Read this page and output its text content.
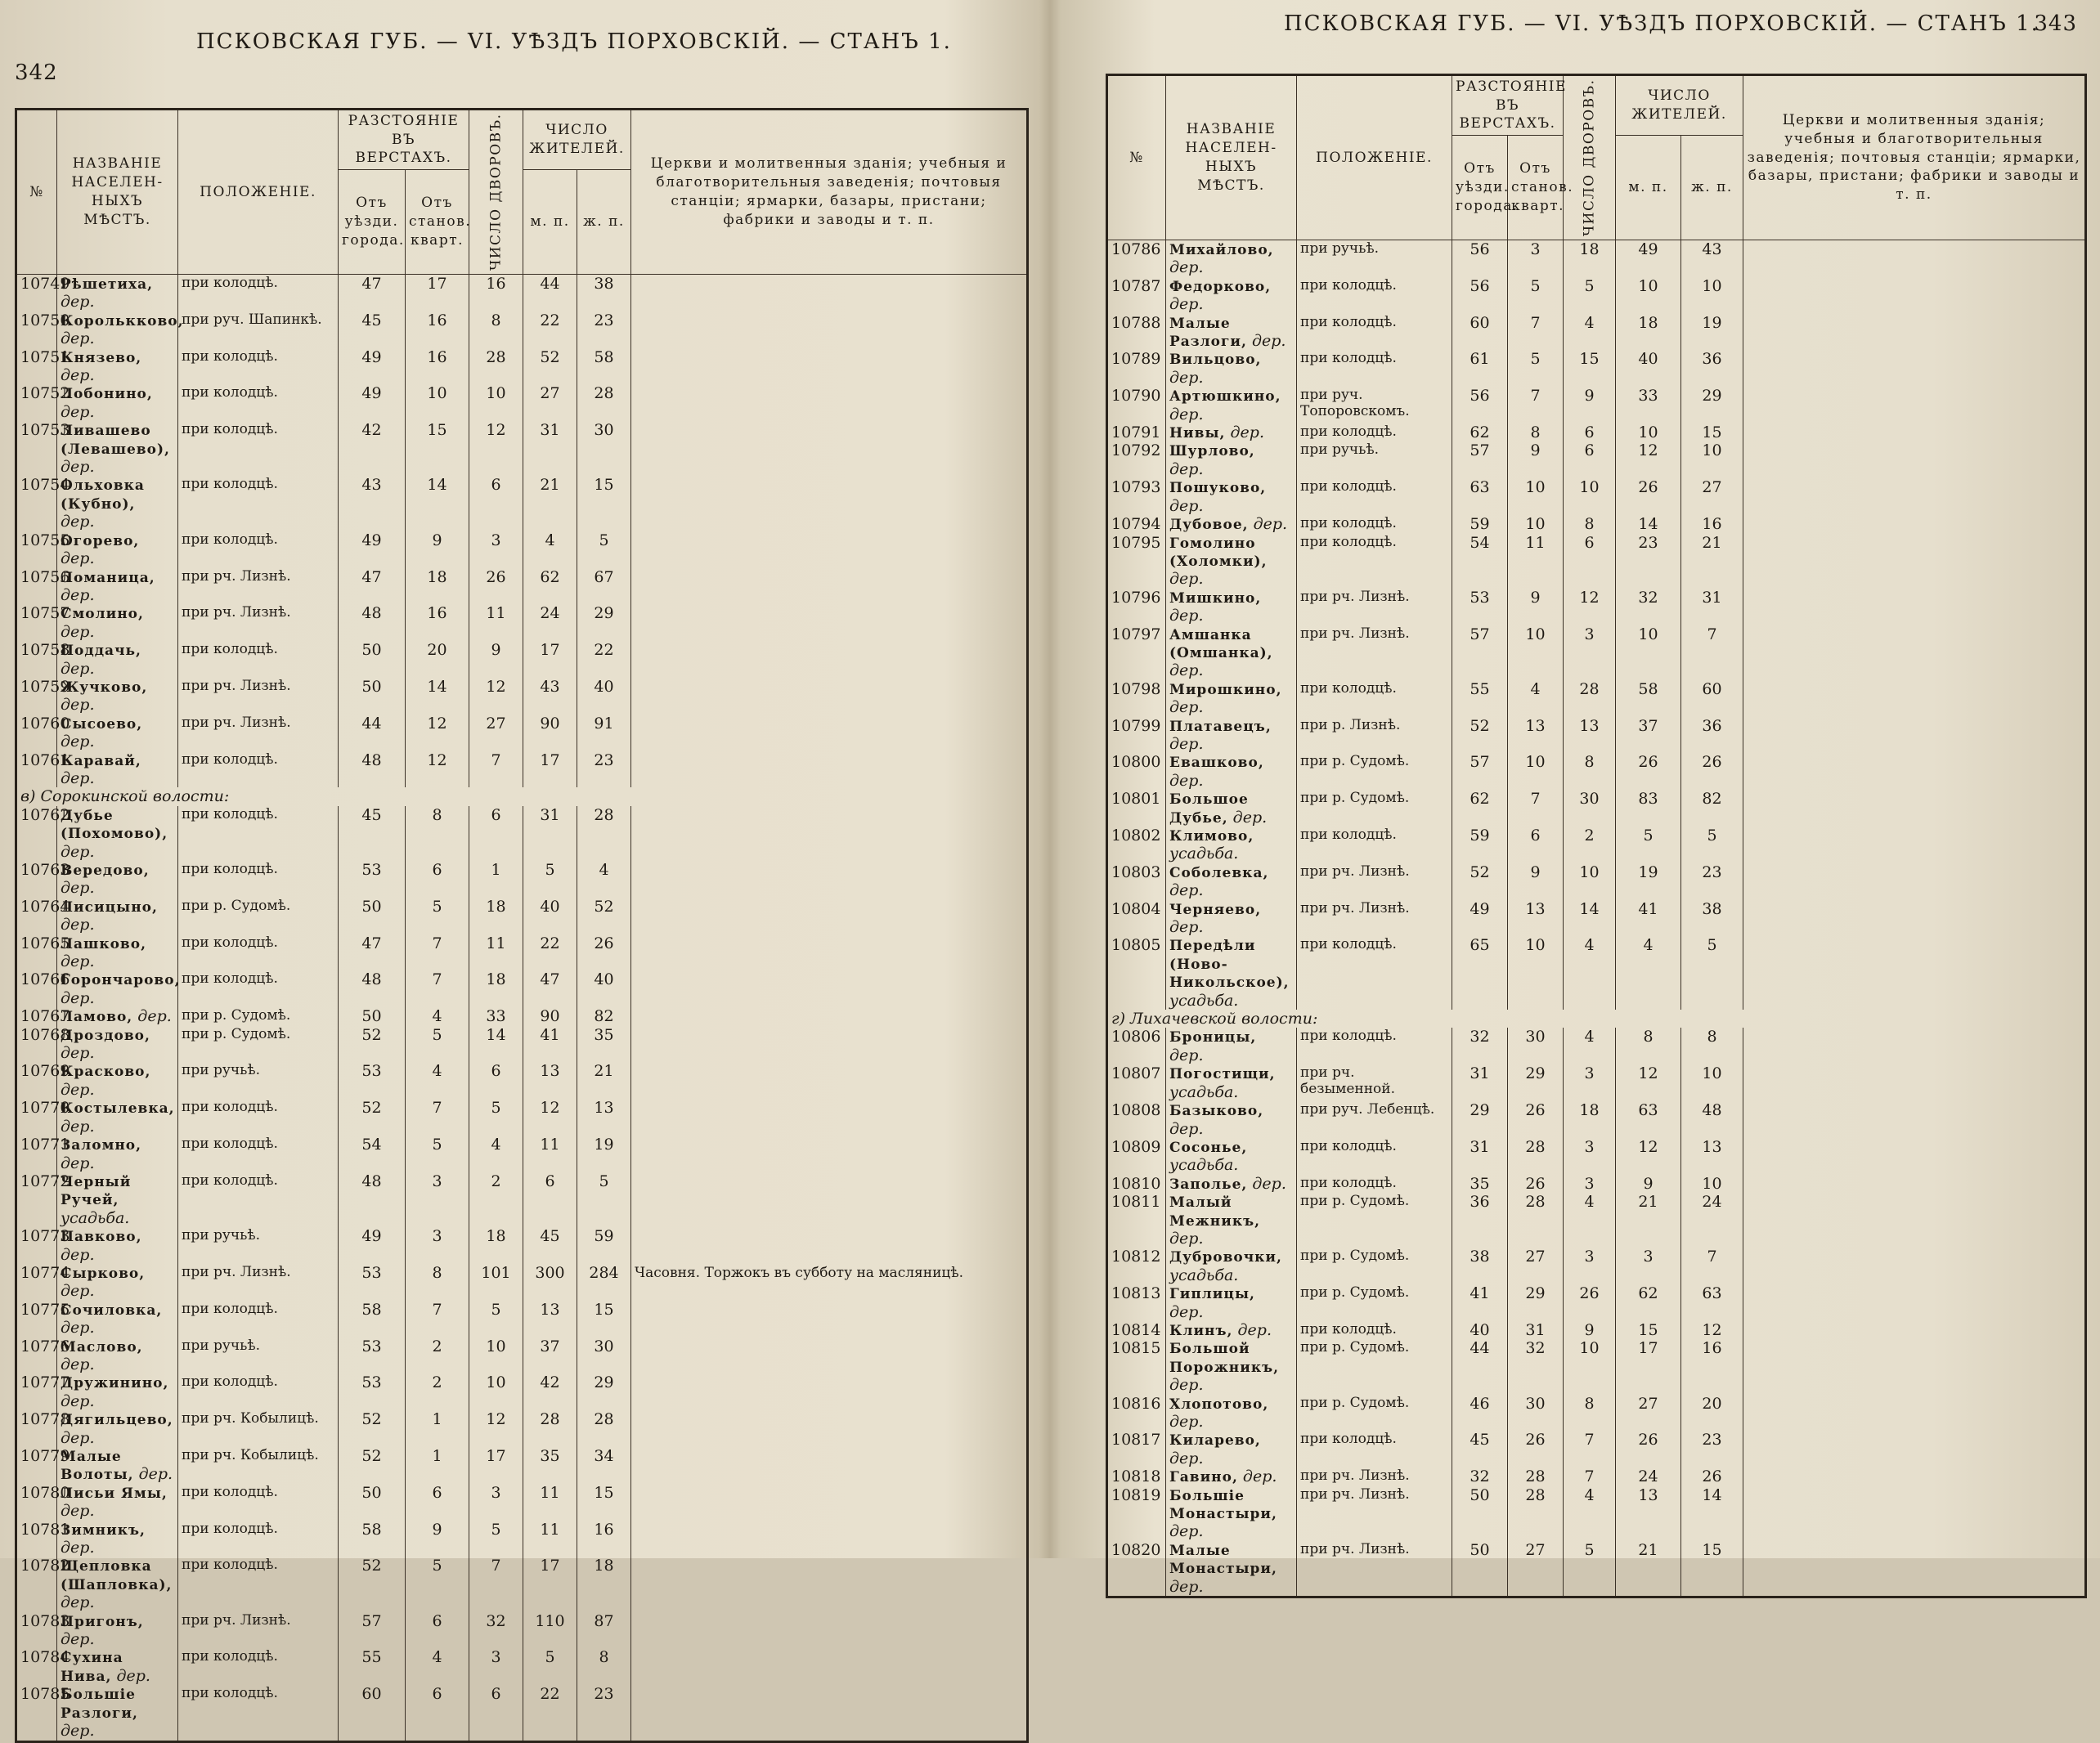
342
ПСКОВСКАЯ ГУБ. — VI. УѢЗДЪ ПОРХОВСКІЙ. — СТАНЪ 1.
№	НАЗВАНІЕ НАСЕЛЕН-НЫХЪ МѢСТЪ.	ПОЛОЖЕНІЕ.	РАЗСТОЯНІЕ ВЪ ВЕРСТАХЪ.		ЧИСЛО ДВОРОВЪ.	ЧИСЛО ЖИТЕЛЕЙ.		Церкви и молитвенныя зданія; учебныя и благотворительныя заведенія; почтовыя станціи; ярмарки, базары, пристани; фабрики и заводы и т. п.
			Отъ уѣзди. города.	Отъ станов. кварт.		м. п.	ж. п.	
10749	Рѣшетиха, дер.	при колодцѣ.	47	17	16	44	38	
10750	Королькково, дер.	при руч. Шапинкѣ.	45	16	8	22	23	
10751	Князево, дер.	при колодцѣ.	49	16	28	52	58	
10752	Лобонино, дер.	при колодцѣ.	49	10	10	27	28	
10753	Ливашево (Левашево), дер.	при колодцѣ.	42	15	12	31	30	
10754	Ольховка (Кубно), дер.	при колодцѣ.	43	14	6	21	15	
10755	Огорево, дер.	при колодцѣ.	49	9	3	4	5	
10756	Ломаница, дер.	при рч. Лизнѣ.	47	18	26	62	67	
10757	Смолино, дер.	при рч. Лизнѣ.	48	16	11	24	29	
10758	Поддачь, дер.	при колодцѣ.	50	20	9	17	22	
10759	Жучково, дер.	при рч. Лизнѣ.	50	14	12	43	40	
10760	Сысоево, дер.	при рч. Лизнѣ.	44	12	27	90	91	
10761	Каравай, дер.	при колодцѣ.	48	12	7	17	23	
в) Сорокинской волости:								
10762	Дубье (Похомово), дер.	при колодцѣ.	45	8	6	31	28	
10763	Вередово, дер.	при колодцѣ.	53	6	1	5	4	
10764	Лисицыно, дер.	при р. Судомѣ.	50	5	18	40	52	
10765	Лашково, дер.	при колодцѣ.	47	7	11	22	26	
10766	Горончарово, дер.	при колодцѣ.	48	7	18	47	40	
10767	Ламово, дер.	при р. Судомѣ.	50	4	33	90	82	
10768	Дроздово, дер.	при р. Судомѣ.	52	5	14	41	35	
10769	Красково, дер.	при ручьѣ.	53	4	6	13	21	
10770	Костылевка, дер.	при колодцѣ.	52	7	5	12	13	
10771	Заломно, дер.	при колодцѣ.	54	5	4	11	19	
10772	Черный Ручей, усадьба.	при колодцѣ.	48	3	2	6	5	
10773	Павково, дер.	при ручьѣ.	49	3	18	45	59	
10774	Сырково, дер.	при рч. Лизнѣ.	53	8	101	300	284	Часовня. Торжокъ въ субботу на масляницѣ.
10775	Сочиловка, дер.	при колодцѣ.	58	7	5	13	15	
10776	Маслово, дер.	при ручьѣ.	53	2	10	37	30	
10777	Дружинино, дер.	при колодцѣ.	53	2	10	42	29	
10778	Дягильцево, дер.	при рч. Кобылицѣ.	52	1	12	28	28	
10779	Малые Волоты, дер.	при рч. Кобылицѣ.	52	1	17	35	34	
10780	Лисьи Ямы, дер.	при колодцѣ.	50	6	3	11	15	
10781	Зимникъ, дер.	при колодцѣ.	58	9	5	11	16	
10782	Щепловка (Шапловка), дер.	при колодцѣ.	52	5	7	17	18	
10783	Пригонъ, дер.	при рч. Лизнѣ.	57	6	32	110	87	
10784	Сухина Нива, дер.	при колодцѣ.	55	4	3	5	8	
10785	Большіе Разлоги, дер.	при колодцѣ.	60	6	6	22	23	

343
ПСКОВСКАЯ ГУБ. — VI. УѢЗДЪ ПОРХОВСКІЙ. — СТАНЪ 1.
№	НАЗВАНІЕ НАСЕЛЕН-НЫХЪ МѢСТЪ.	ПОЛОЖЕНІЕ.	РАЗСТОЯНІЕ ВЪ ВЕРСТАХЪ.		ЧИСЛО ДВОРОВЪ.	ЧИСЛО ЖИТЕЛЕЙ.		Церкви и молитвенныя зданія; учебныя и благотворительныя заведенія; почтовыя станціи; ярмарки, базары, пристани; фабрики и заводы и т. п.
			Отъ уѣзди. города.	Отъ станов. кварт.		м. п.	ж. п.	
10786	Михайлово, дер.	при ручьѣ.	56	3	18	49	43	
10787	Федорково, дер.	при колодцѣ.	56	5	5	10	10	
10788	Малые Разлоги, дер.	при колодцѣ.	60	7	4	18	19	
10789	Вильцово, дер.	при колодцѣ.	61	5	15	40	36	
10790	Артюшкино, дер.	при руч. Топоровскомъ.	56	7	9	33	29	
10791	Нивы, дер.	при колодцѣ.	62	8	6	10	15	
10792	Шурлово, дер.	при ручьѣ.	57	9	6	12	10	
10793	Пошуково, дер.	при колодцѣ.	63	10	10	26	27	
10794	Дубовое, дер.	при колодцѣ.	59	10	8	14	16	
10795	Гомолино (Холомки), дер.	при колодцѣ.	54	11	6	23	21	
10796	Мишкино, дер.	при рч. Лизнѣ.	53	9	12	32	31	
10797	Амшанка (Омшанка), дер.	при рч. Лизнѣ.	57	10	3	10	7	
10798	Мирошкино, дер.	при колодцѣ.	55	4	28	58	60	
10799	Платавецъ, дер.	при р. Лизнѣ.	52	13	13	37	36	
10800	Евашково, дер.	при р. Судомѣ.	57	10	8	26	26	
10801	Большое Дубье, дер.	при р. Судомѣ.	62	7	30	83	82	
10802	Климово, усадьба.	при колодцѣ.	59	6	2	5	5	
10803	Соболевка, дер.	при рч. Лизнѣ.	52	9	10	19	23	
10804	Черняево, дер.	при рч. Лизнѣ.	49	13	14	41	38	
10805	Передѣли (Ново-Никольское), усадьба.	при колодцѣ.	65	10	4	4	5	
г) Лихачевской волости:								
10806	Броницы, дер.	при колодцѣ.	32	30	4	8	8	
10807	Погостищи, усадьба.	при рч. безыменной.	31	29	3	12	10	
10808	Базыково, дер.	при руч. Лебенцѣ.	29	26	18	63	48	
10809	Сосонье, усадьба.	при колодцѣ.	31	28	3	12	13	
10810	Заполье, дер.	при колодцѣ.	35	26	3	9	10	
10811	Малый Межникъ, дер.	при р. Судомѣ.	36	28	4	21	24	
10812	Дубровочки, усадьба.	при р. Судомѣ.	38	27	3	3	7	
10813	Гиплицы, дер.	при р. Судомѣ.	41	29	26	62	63	
10814	Клинъ, дер.	при колодцѣ.	40	31	9	15	12	
10815	Большой Порожникъ, дер.	при р. Судомѣ.	44	32	10	17	16	
10816	Хлопотово, дер.	при р. Судомѣ.	46	30	8	27	20	
10817	Киларево, дер.	при колодцѣ.	45	26	7	26	23	
10818	Гавино, дер.	при рч. Лизнѣ.	32	28	7	24	26	
10819	Большіе Монастыри, дер.	при рч. Лизнѣ.	50	28	4	13	14	
10820	Малые Монастыри, дер.	при рч. Лизнѣ.	50	27	5	21	15	
